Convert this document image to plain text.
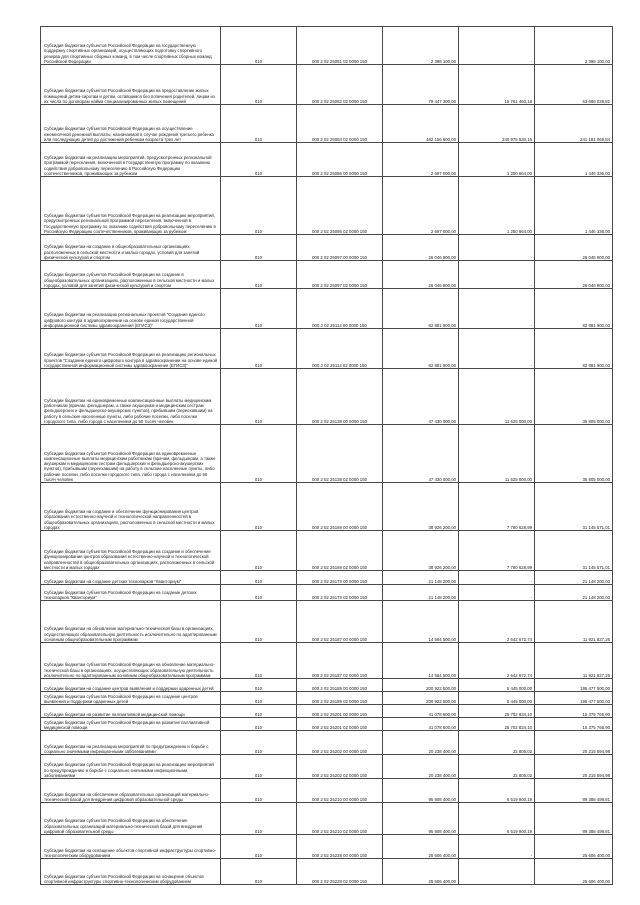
Субсидия бюджетам субъектов Российской Федерации на государственную поддержку спортивных организаций, осуществляющих подготовку спортивного резерва для спортивных сборных команд, в том числе спортивных сборных команд Российской Федерации	010	000 2 02 25081 02 0000 150	2 398 100,00	-	2 398 100,00

Субсидии бюджетам субъектов Российской Федерации на предоставление жилых помещений детям-сиротам и детям, оставшимся без попечения родителей, лицам из их числа по договорам найма специализированных жилых помещений	010	000 2 02 25082 02 0000 150	79 447 300,00	15 761 460,18	63 686 039,82

Субсидии бюджетам субъектов Российской Федерации на осуществление ежемесячной денежной выплаты, назначаемой в случае рождения третьего ребенка или последующих детей до достижения ребенком возраста трех лет	010	000 2 02 25084 02 0000 150	482 156 600,00	240 975 530,16	241 181 069,84

Субсидии бюджетам на реализацию мероприятий, предусмотренных региональной программой переселения, включенной в Государственную программу по оказанию содействия добровольному переселению в Российскую Федерацию соотечественников, проживающих за рубежом	010	000 2 02 25086 00 0000 150	2 697 000,00	1 250 664,00	1 446 336,00

Субсидии бюджетам субъектов Российской Федерации на реализацию мероприятий, предусмотренных региональной программой переселения, включенной в Государственную программу по оказанию содействия добровольному переселению в Российскую Федерацию соотечественников, проживающих за рубежом	010	000 2 02 25086 02 0000 150	2 697 000,00	1 250 664,00	1 446 336,00

Субсидии бюджетам на создание в общеобразовательных организациях, расположенных в сельской местности и малых городах, условий для занятий физической культурой и спортом	010	000 2 02 25097 00 0000 150	26 046 900,00	-	26 046 900,00

Субсидии бюджетам субъектов Российской Федерации на создание в общеобразовательных организациях, расположенных в сельской местности и малых городах, условий для занятий физической культурой и спортом	010	000 2 02 25097 02 0000 150	26 046 900,00	-	26 046 900,00

Субсидии бюджетам на реализацию региональных проектов "Создание единого цифрового контура в здравоохранении на основе единой государственной информационной системы здравоохранения (ЕГИСЗ)"	010	000 2 02 25114 00 0000 150	82 881 900,00	-	82 881 900,00

Субсидии бюджетам субъектов Российской Федерации на реализацию региональных проектов "Создание единого цифрового контура в здравоохранении на основе единой государственной информационной системы здравоохранения (ЕГИСЗ)"	010	000 2 02 25114 02 0000 150	82 881 900,00	-	82 881 900,00

Субсидии бюджетам на единовременные компенсационные выплаты медицинским работникам (врачам, фельдшерам, а также акушеркам и медицинским сестрам фельдшерских и фельдшерско-акушерских пунктов), прибывшим (переехавшим) на работу в сельские населенные пункты, либо рабочие поселки, либо поселки городского типа, либо города с населением до 50 тысяч человек	010	000 2 02 25138 00 0000 150	47 430 000,00	11 625 000,00	35 805 000,00

Субсидии бюджетам субъектов Российской Федерации на единовременные компенсационные выплаты медицинским работникам (врачам, фельдшерам, а также акушеркам и медицинским сестрам фельдшерских и фельдшерско-акушерских пунктов), прибывшим (переехавшим) на работу в сельские населенные пункты, либо рабочие поселки, либо поселки городского типа, либо города с населением до 50 тысяч человек	010	000 2 02 25138 02 0000 150	47 430 000,00	11 625 000,00	35 805 000,00

Субсидии бюджетам на создание и обеспечение функционирования центров образования естественно-научной и технологической направленностей в общеобразовательных организациях, расположенных в сельской местности и малых городах	010	000 2 02 25169 00 0000 150	38 926 200,00	7 780 628,99	31 145 571,01

Субсидии бюджетам субъектов Российской Федерации на создание и обеспечение функционирования центров образования естественно-научной и технологической направленностей в общеобразовательных организациях, расположенных в сельской местности и малых городах	010	000 2 02 25169 02 0000 150	38 926 200,00	7 780 628,99	31 145 571,01

Субсидии бюджетам на создание детских технопарков "Кванториум"	010	000 2 02 25173 00 0000 150	21 148 200,00	-	21 148 200,00

Субсидии бюджетам субъектов Российской Федерации на создание детских технопарков "Кванториум"	010	000 2 02 25173 02 0000 150	21 148 200,00	-	21 148 200,00

Субсидии бюджетам на обновление материально-технической базы в организациях, осуществляющих образовательную деятельность исключительно по адаптированным основным общеобразовательным программам	010	000 2 02 25187 00 0000 150	14 564 500,00	2 642 672,74	11 921 827,26

Субсидии бюджетам субъектов Российской Федерации на обновление материально-технической базы в организациях, осуществляющих образовательную деятельность исключительно по адаптированным основным общеобразовательным программам	010	000 2 02 25187 02 0000 150	14 564 500,00	2 642 672,74	11 921 827,26

Субсидии бюджетам на создание центров выявления и поддержки одаренных детей	010	000 2 02 25189 00 0000 150	200 922 500,00	5 445 000,00	195 477 500,00

Субсидии бюджетам субъектов Российской Федерации на создание центров выявления и поддержки одаренных детей	010	000 2 02 25189 02 0000 150	200 922 500,00	5 445 000,00	195 477 500,00

Субсидии бюджетам на развитие паллиативной медицинской помощи	010	000 2 02 25201 00 0000 150	41 078 600,00	25 702 834,10	15 375 765,90

Субсидии бюджетам субъектов Российской Федерации на развитие паллиативной медицинской помощи	010	000 2 02 25201 02 0000 150	41 078 600,00	25 702 834,10	15 375 765,90

Субсидии бюджетам на реализацию мероприятий по предупреждению и борьбе с социально значимыми инфекционными заболеваниями	010	000 2 02 25202 00 0000 150	20 238 400,00	22 805,02	20 215 594,98

Субсидии бюджетам субъектов Российской Федерации на реализацию мероприятий по предупреждению и борьбе с социально значимыми инфекционными заболеваниями	010	000 2 02 25202 02 0000 150	20 238 400,00	22 805,02	20 215 594,98

Субсидии бюджетам на обеспечение образовательных организаций материально-технической базой для внедрения цифровой образовательной среды	010	000 2 02 25210 00 0000 150	95 908 400,00	6 519 900,19	89 388 499,81

Субсидии бюджетам субъектов Российской Федерации на обеспечение образовательных организаций материально-технической базой для внедрения цифровой образовательной среды	010	000 2 02 25210 02 0000 150	95 908 400,00	6 519 900,19	89 388 499,81

Субсидии бюджетам на оснащение объектов спортивной инфраструктуры спортивно-технологическим оборудованием	010	000 2 02 25228 00 0000 150	25 606 400,00	-	25 606 400,00

Субсидии бюджетам субъектов Российской Федерации на оснащение объектов спортивной инфраструктуры спортивно-технологическим оборудованием	010	000 2 02 25228 02 0000 150	25 606 400,00	-	25 606 400,00
